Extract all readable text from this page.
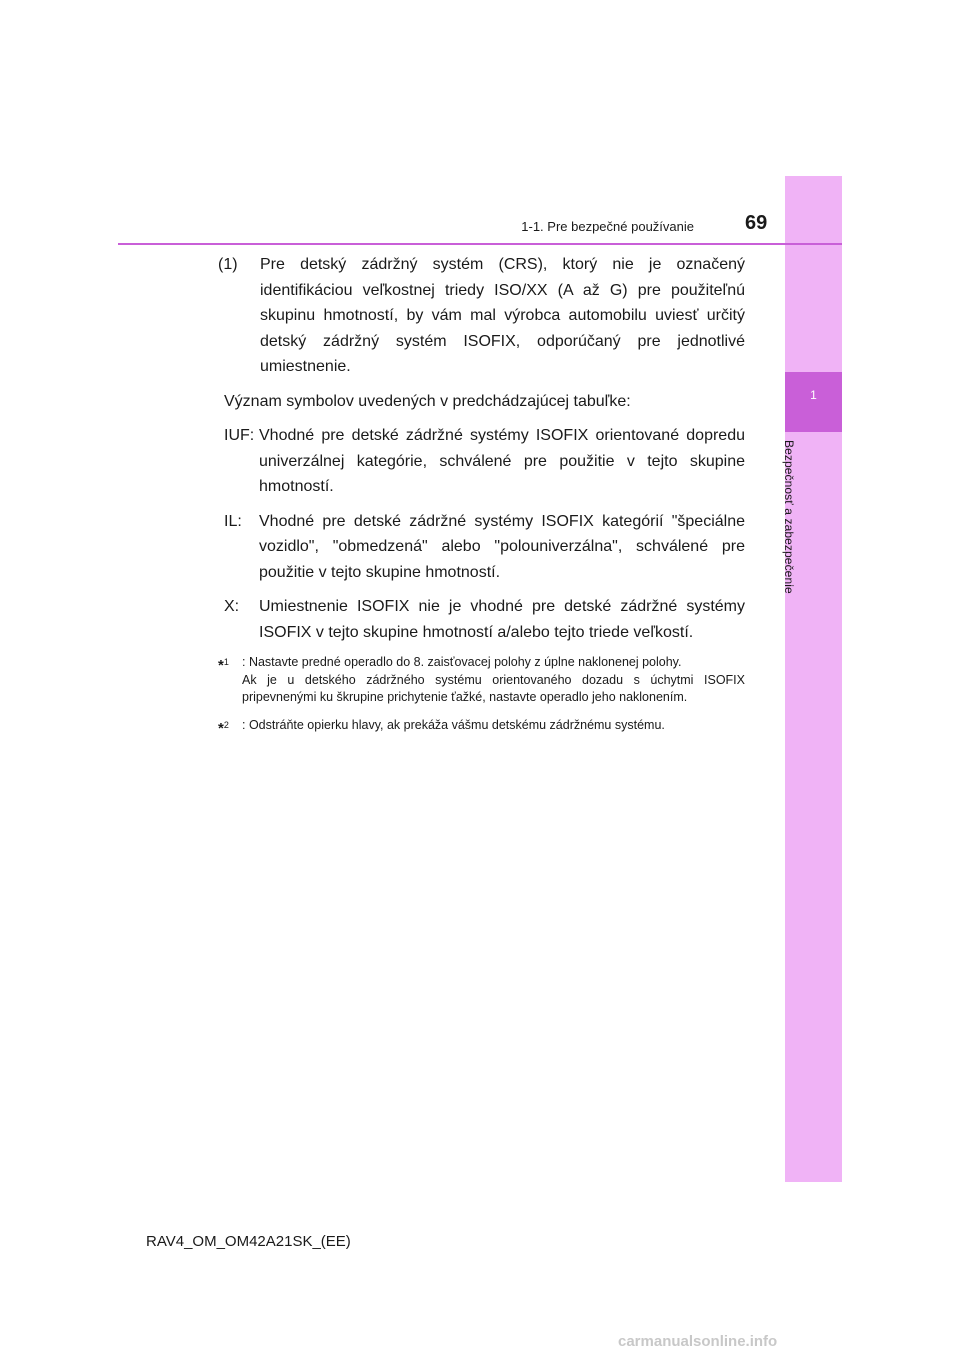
1
Bezpečnosť a zabezpečenie
1-1. Pre bezpečné používanie	69
(1)	Pre detský zádržný systém (CRS), ktorý nie je označený identifikáciou veľkostnej triedy ISO/XX (A až G) pre použiteľnú skupinu hmotností, by vám mal výrobca automobilu uviesť určitý detský zádržný systém ISOFIX, odporúčaný pre jednotlivé umiestnenie.
Význam symbolov uvedených v predchádzajúcej tabuľke:
IUF: Vhodné pre detské zádržné systémy ISOFIX orientované dopredu univerzálnej kategórie, schválené pre použitie v tejto skupine hmotností.
IL:	Vhodné pre detské zádržné systémy ISOFIX kategórií "špeciálne vozidlo", "obmedzená" alebo "polouniverzálna", schválené pre použitie v tejto skupine hmotností.
X:	Umiestnenie ISOFIX nie je vhodné pre detské zádržné systémy ISOFIX v tejto skupine hmotností a/alebo tejto triede veľkostí.
*$^1$	: Nastavte predné operadlo do 8. zaisťovacej polohy z úplne naklonenej polohy.

Ak je u detského zádržného systému orientovaného dozadu s úchytmi ISOFIX pripevnenými ku škrupine prichytenie ťažké, nastavte operadlo jeho naklonením.

*$^2$	: Odstráňte opierku hlavy, ak prekáža vášmu detskému zádržnému systému.

RAV4_OM_OM42A21SK_(EE)
carmanualsonline.info
